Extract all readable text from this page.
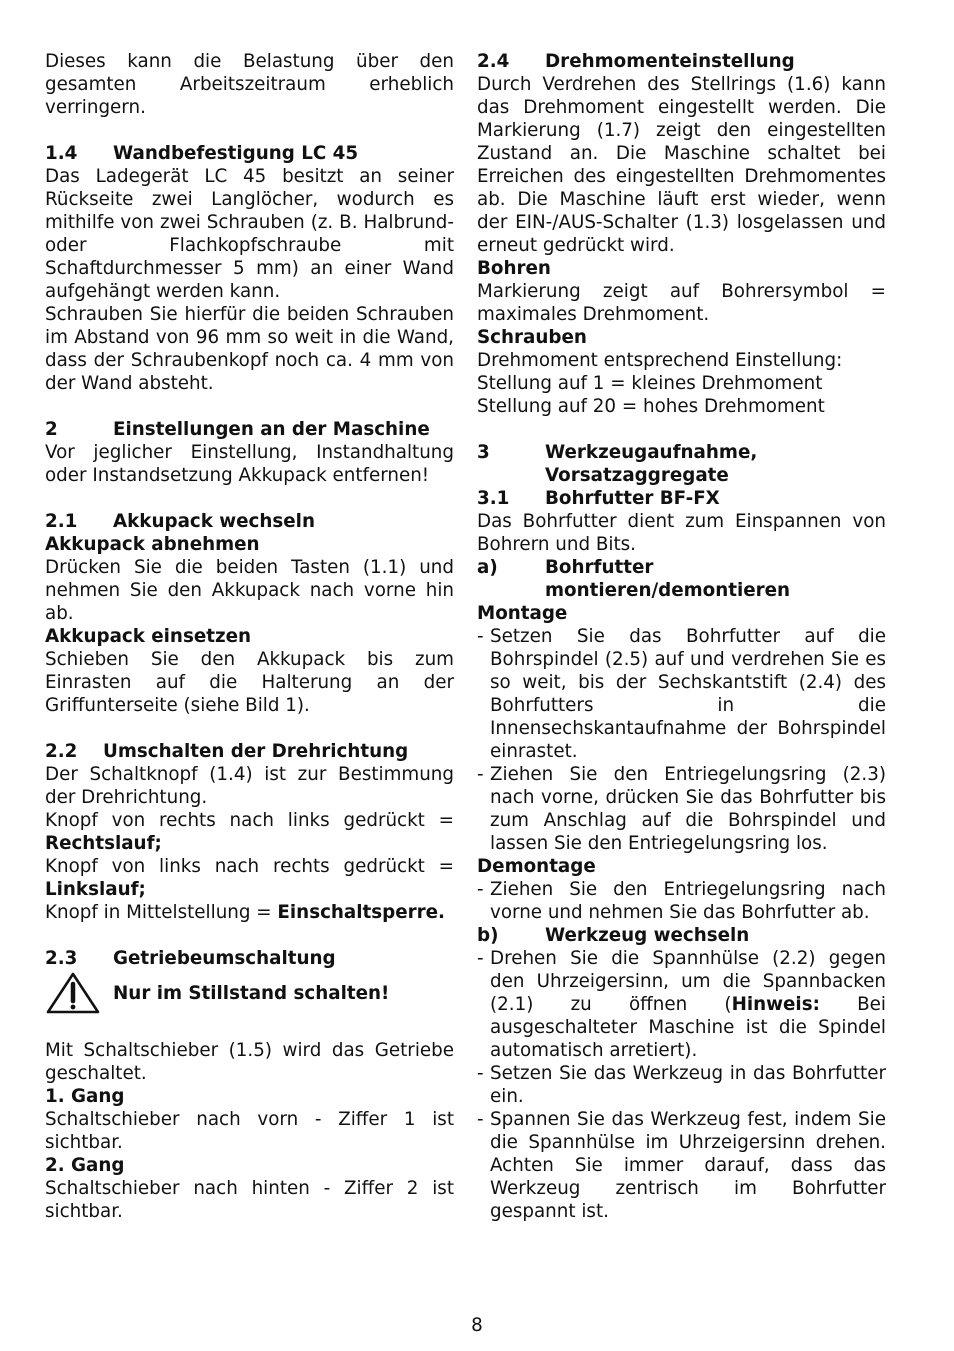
Dieses kann die Belastung über den gesamten Arbeitszeitraum erheblich verringern.

1.4	Wandbefestigung LC 45

Das Ladegerät LC 45 besitzt an seiner Rückseite zwei Langlöcher, wodurch es mithilfe von zwei Schrauben (z. B. Halbrund- oder Flachkopfschraube mit Schaftdurchmesser 5 mm) an einer Wand aufgehängt werden kann.

Schrauben Sie hierfür die beiden Schrauben im Abstand von 96 mm so weit in die Wand, dass der Schraubenkopf noch ca. 4 mm von der Wand absteht.

2	Einstellungen an der Maschine

Vor jeglicher Einstellung, Instandhaltung oder Instandsetzung Akkupack entfernen!

2.1	Akkupack wechseln

Akkupack abnehmen

Drücken Sie die beiden Tasten (1.1) und nehmen Sie den Akkupack nach vorne hin ab.

Akkupack einsetzen

Schieben Sie den Akkupack bis zum Einrasten auf die Halterung an der Griffunterseite (siehe Bild 1).

2.2	Umschalten der Drehrichtung

Der Schaltknopf (1.4) ist zur Bestimmung der Drehrichtung.

Knopf von rechts nach links gedrückt = Rechtslauf;

Knopf von links nach rechts gedrückt = Linkslauf;

Knopf in Mittelstellung = Einschaltsperre.

2.3	Getriebeumschaltung
Nur im Stillstand schalten!

Mit Schaltschieber (1.5) wird das Getriebe geschaltet.

1. Gang

Schaltschieber nach vorn - Ziffer 1 ist sichtbar.

2. Gang

Schaltschieber nach hinten - Ziffer 2 ist sichtbar.

2.4	Drehmomenteinstellung

Durch Verdrehen des Stellrings (1.6) kann das Drehmoment eingestellt werden. Die Markierung (1.7) zeigt den eingestellten Zustand an. Die Maschine schaltet bei Erreichen des eingestellten Drehmomentes ab. Die Maschine läuft erst wieder, wenn der EIN-/AUS-Schalter (1.3) losgelassen und erneut gedrückt wird.

Bohren

Markierung zeigt auf Bohrersymbol = maximales Drehmoment.

Schrauben

Drehmoment entsprechend Einstellung:

Stellung auf 1 = kleines Drehmoment

Stellung auf 20 = hohes Drehmoment

3	Werkzeugaufnahme, Vorsatzaggregate
3.1	Bohrfutter BF-FX

Das Bohrfutter dient zum Einspannen von Bohrern und Bits.

a)	Bohrfutter montieren/demontieren

Montage

- Setzen Sie das Bohrfutter auf die Bohrspindel (2.5) auf und verdrehen Sie es so weit, bis der Sechskantstift (2.4) des Bohrfutters in die Innensechskantaufnahme der Bohrspindel einrastet.
- Ziehen Sie den Entriegelungsring (2.3) nach vorne, drücken Sie das Bohrfutter bis zum Anschlag auf die Bohrspindel und lassen Sie den Entriegelungsring los.

Demontage

- Ziehen Sie den Entriegelungsring nach vorne und nehmen Sie das Bohrfutter ab.
b)	Werkzeug wechseln
- Drehen Sie die Spannhülse (2.2) gegen den Uhrzeigersinn, um die Spannbacken (2.1) zu öffnen (Hinweis: Bei ausgeschalteter Maschine ist die Spindel automatisch arretiert).
- Setzen Sie das Werkzeug in das Bohrfutter ein.
- Spannen Sie das Werkzeug fest, indem Sie die Spannhülse im Uhrzeigersinn drehen. Achten Sie immer darauf, dass das Werkzeug zentrisch im Bohrfutter gespannt ist.
8
